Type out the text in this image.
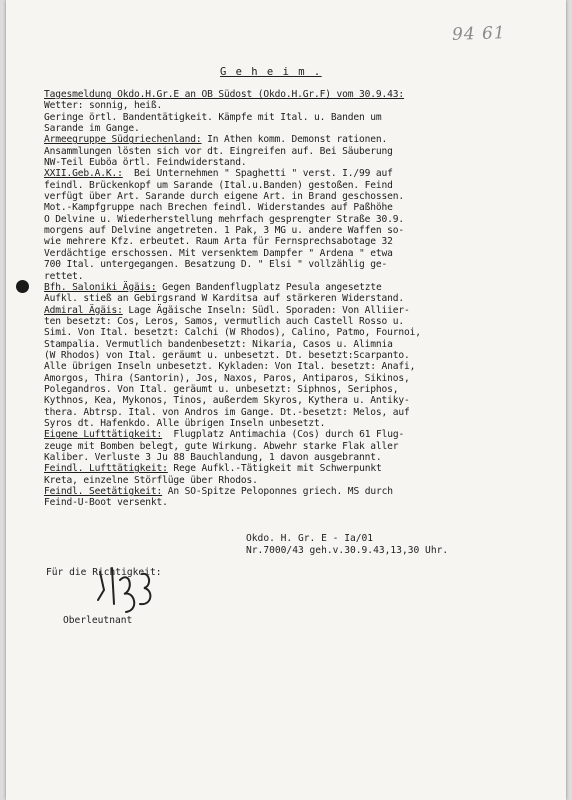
94 61
G e h e i m .
Tagesmeldung Okdo.H.Gr.E an OB Südost (Okdo.H.Gr.F) vom 30.9.43:
Wetter: sonnig, heiß.
Geringe örtl. Bandentätigkeit. Kämpfe mit Ital. u. Banden um
Sarande im Gange.
Armeegruppe Südgriechenland: In Athen komm. Demonst rationen.
Ansammlungen lösten sich vor dt. Eingreifen auf. Bei Säuberung
NW-Teil Euböa örtl. Feindwiderstand.
XXII.Geb.A.K.:  Bei Unternehmen " Spaghetti " verst. I./99 auf
feindl. Brückenkopf um Sarande (Ital.u.Banden) gestoßen. Feind
verfügt über Art. Sarande durch eigene Art. in Brand geschossen.
Mot.-Kampfgruppe nach Brechen feindl. Widerstandes auf Paßhöhe
O Delvine u. Wiederherstellung mehrfach gesprengter Straße 30.9.
morgens auf Delvine angetreten. 1 Pak, 3 MG u. andere Waffen so-
wie mehrere Kfz. erbeutet. Raum Arta für Fernsprechsabotage 32
Verdächtige erschossen. Mit versenktem Dampfer " Ardena " etwa
700 Ital. untergegangen. Besatzung D. " Elsi " vollzählig ge-
rettet.
Bfh. Saloniki Ägäis: Gegen Bandenflugplatz Pesula angesetzte
Aufkl. stieß an Gebirgsrand W Karditsa auf stärkeren Widerstand.
Admiral Ägäis: Lage Ägäische Inseln: Südl. Sporaden: Von Alliier-
ten besetzt: Cos, Leros, Samos, vermutlich auch Castell Rosso u.
Simi. Von Ital. besetzt: Calchi (W Rhodos), Calino, Patmo, Fournoi,
Stampalia. Vermutlich bandenbesetzt: Nikaria, Casos u. Alimnia
(W Rhodos) von Ital. geräumt u. unbesetzt. Dt. besetzt:Scarpanto.
Alle übrigen Inseln unbesetzt. Kykladen: Von Ital. besetzt: Anafi,
Amorgos, Thira (Santorin), Jos, Naxos, Paros, Antiparos, Sikinos,
Polegandros. Von Ital. geräumt u. unbesetzt: Siphnos, Seriphos,
Kythnos, Kea, Mykonos, Tinos, außerdem Skyros, Kythera u. Antiky-
thera. Abtrsp. Ital. von Andros im Gange. Dt.-besetzt: Melos, auf
Syros dt. Hafenkdo. Alle übrigen Inseln unbesetzt.
Eigene Lufttätigkeit:  Flugplatz Antimachia (Cos) durch 61 Flug-
zeuge mit Bomben belegt, gute Wirkung. Abwehr starke Flak aller
Kaliber. Verluste 3 Ju 88 Bauchlandung, 1 davon ausgebrannt.
Feindl. Lufttätigkeit: Rege Aufkl.-Tätigkeit mit Schwerpunkt
Kreta, einzelne Störflüge über Rhodos.
Feindl. Seetätigkeit: An SO-Spitze Peloponnes griech. MS durch
Feind-U-Boot versenkt.
Okdo. H. Gr. E - Ia/01
Nr.7000/43 geh.v.30.9.43,13,30 Uhr.
Für die Richtigkeit:
Oberleutnant
